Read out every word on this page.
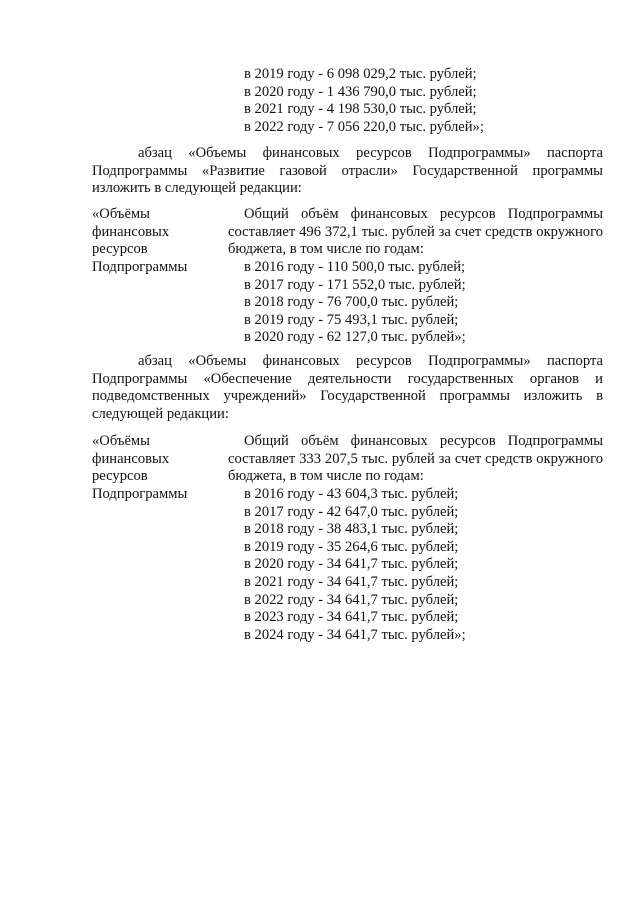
в 2019 году - 6 098 029,2 тыс. рублей;
в 2020 году - 1 436 790,0 тыс. рублей;
в 2021 году - 4 198 530,0 тыс. рублей;
в 2022 году - 7 056 220,0 тыс. рублей»;

абзац «Объемы финансовых ресурсов Подпрограммы» паспорта Подпрограммы «Развитие газовой отрасли» Государственной программы изложить в следующей редакции:

«Объёмы
финансовых
ресурсов
Подпрограммы

Общий объём финансовых ресурсов Подпрограммы составляет 496 372,1 тыс. рублей за счет средств окружного бюджета, в том числе по годам:

в 2016 году - 110 500,0 тыс. рублей;
в 2017 году - 171 552,0 тыс. рублей;
в 2018 году - 76 700,0 тыс. рублей;
в 2019 году - 75 493,1 тыс. рублей;
в 2020 году - 62 127,0 тыс. рублей»;

абзац «Объемы финансовых ресурсов Подпрограммы» паспорта Подпрограммы «Обеспечение деятельности государственных органов и подведомственных учреждений» Государственной программы изложить в следующей редакции:

«Объёмы
финансовых
ресурсов
Подпрограммы

Общий объём финансовых ресурсов Подпрограммы составляет 333 207,5 тыс. рублей за счет средств окружного бюджета, в том числе по годам:

в 2016 году - 43 604,3 тыс. рублей;
в 2017 году - 42 647,0 тыс. рублей;
в 2018 году - 38 483,1 тыс. рублей;
в 2019 году - 35 264,6 тыс. рублей;
в 2020 году - 34 641,7 тыс. рублей;
в 2021 году - 34 641,7 тыс. рублей;
в 2022 году - 34 641,7 тыс. рублей;
в 2023 году - 34 641,7 тыс. рублей;
в 2024 году - 34 641,7 тыс. рублей»;
